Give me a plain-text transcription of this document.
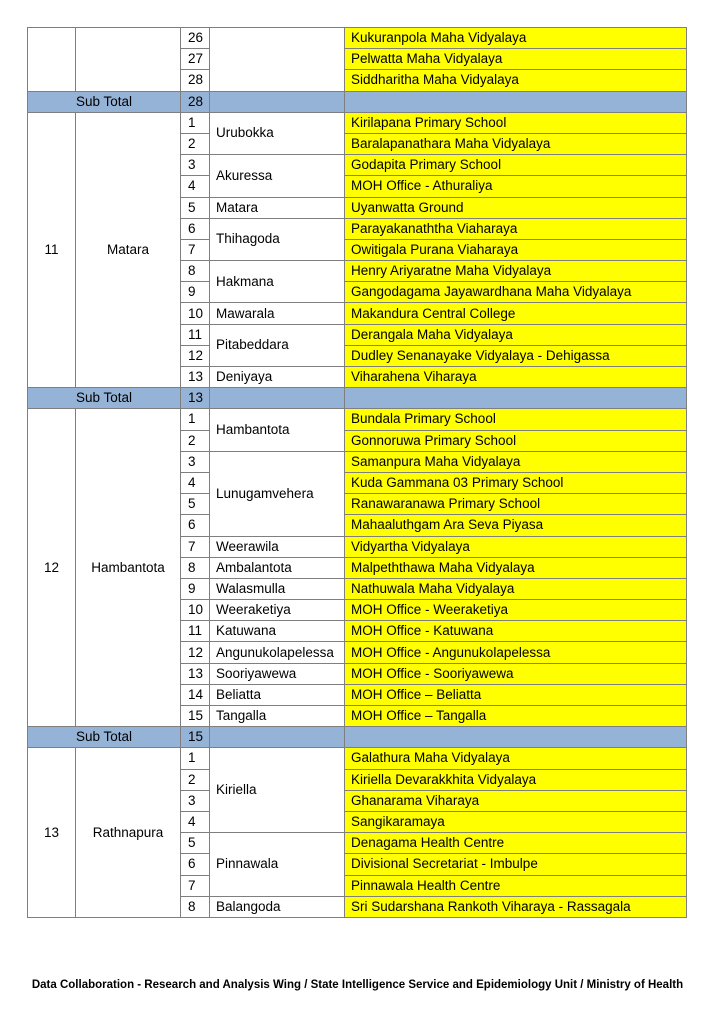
		26		Kukuranpola Maha Vidyalaya
		27		Pelwatta Maha Vidyalaya
		28		Siddharitha Maha Vidyalaya
Sub Total		28		
11	Matara	1	Urubokka	Kirilapana Primary School
		2		Baralapanathara Maha Vidyalaya
		3	Akuressa	Godapita Primary School
		4		MOH Office - Athuraliya
		5	Matara	Uyanwatta Ground
		6	Thihagoda	Parayakanaththa Viaharaya
		7		Owitigala Purana Viaharaya
		8	Hakmana	Henry Ariyaratne Maha Vidyalaya
		9		Gangodagama Jayawardhana Maha Vidyalaya
		10	Mawarala	Makandura Central College
		11	Pitabeddara	Derangala Maha Vidyalaya
		12		Dudley Senanayake Vidyalaya - Dehigassa
		13	Deniyaya	Viharahena Viharaya
Sub Total		13		
12	Hambantota	1	Hambantota	Bundala Primary School
		2		Gonnoruwa Primary School
		3	Lunugamvehera	Samanpura Maha Vidyalaya
		4		Kuda Gammana 03 Primary School
		5		Ranawaranawa Primary School
		6		Mahaaluthgam Ara Seva Piyasa
		7	Weerawila	Vidyartha Vidyalaya
		8	Ambalantota	Malpeththawa Maha Vidyalaya
		9	Walasmulla	Nathuwala Maha Vidyalaya
		10	Weeraketiya	MOH Office - Weeraketiya
		11	Katuwana	MOH Office - Katuwana
		12	Angunukolapelessa	MOH Office - Angunukolapelessa
		13	Sooriyawewa	MOH Office - Sooriyawewa
		14	Beliatta	MOH Office – Beliatta
		15	Tangalla	MOH Office – Tangalla
Sub Total		15		
13	Rathnapura	1	Kiriella	Galathura Maha Vidyalaya
		2		Kiriella Devarakkhita Vidyalaya
		3		Ghanarama Viharaya
		4		Sangikaramaya
		5	Pinnawala	Denagama Health Centre
		6		Divisional Secretariat - Imbulpe
		7		Pinnawala Health Centre
		8	Balangoda	Sri Sudarshana Rankoth Viharaya - Rassagala
Data Collaboration - Research and Analysis Wing / State Intelligence Service and Epidemiology Unit / Ministry of Health
